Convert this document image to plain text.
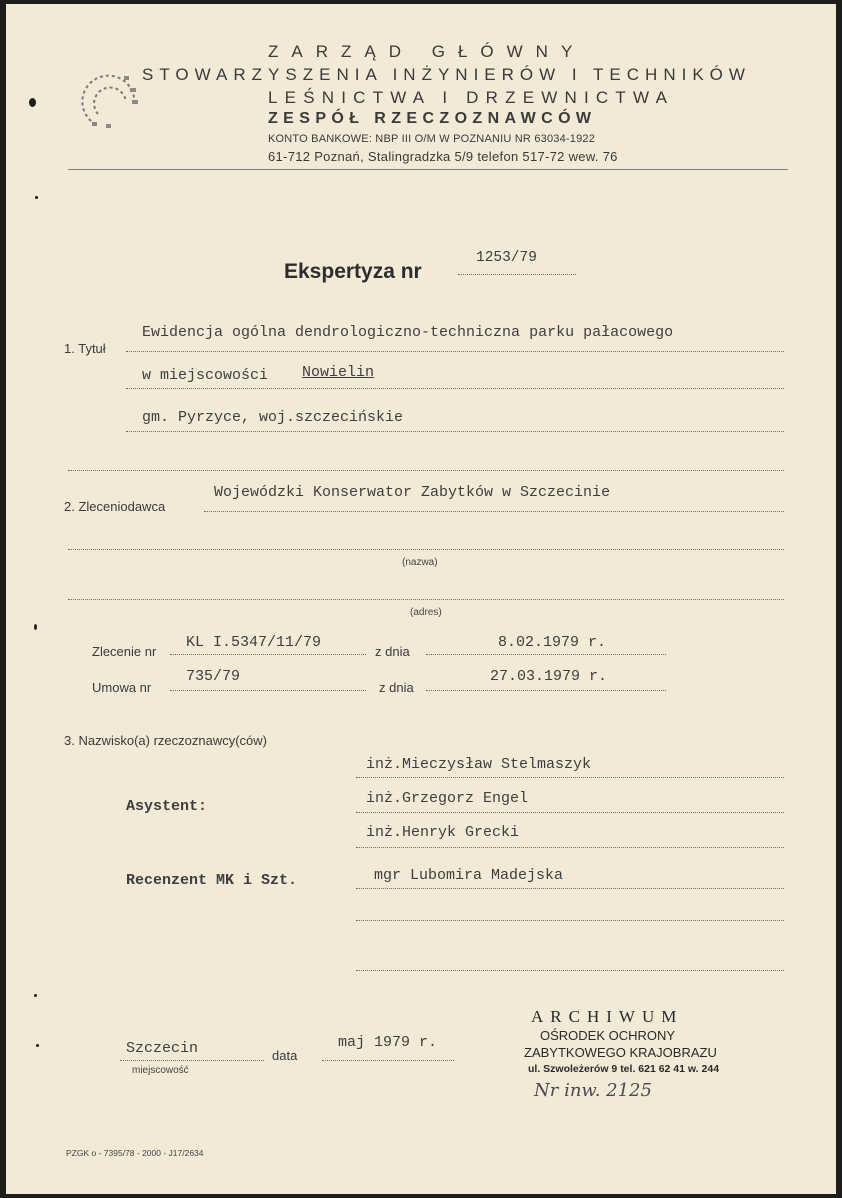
ZARZĄD GŁÓWNY
STOWARZYSZENIA INŻYNIERÓW I TECHNIKÓW
LEŚNICTWA I DRZEWNICTWA
ZESPÓŁ RZECZOZNAWCÓW
KONTO BANKOWE: NBP III O/M W POZNANIU NR 63034-1922
61-712 Poznań, Stalingradzka 5/9 telefon 517-72 wew. 76
Ekspertyza nr
1253/79
1. Tytuł
Ewidencja ogólna dendrologiczno-techniczna parku pałacowego
w miejscowości Nowielin
gm. Pyrzyce, woj.szczecińskie
2. Zleceniodawca
Wojewódzki Konserwator Zabytków w Szczecinie
(nazwa)
(adres)
Zlecenie nr
KL I.5347/11/79
z dnia
8.02.1979 r.
Umowa nr
735/79
z dnia
27.03.1979 r.
3. Nazwisko(a) rzeczoznawcy(ców)
inż.Mieczysław Stelmaszyk
Asystent:	inż.Grzegorz Engel
inż.Henryk Grecki
Recenzent MK i Szt.	mgr Lubomira Madejska
Szczecin
miejscowość
data
maj 1979 r.
ARCHIWUM
OŚRODEK OCHRONY
ZABYTKOWEGO KRAJOBRAZU
ul. Szwoleżerów 9 tel. 621 62 41 w. 244
Nr inw. 2125
PZGK o - 7395/78 - 2000 - J17/2634
